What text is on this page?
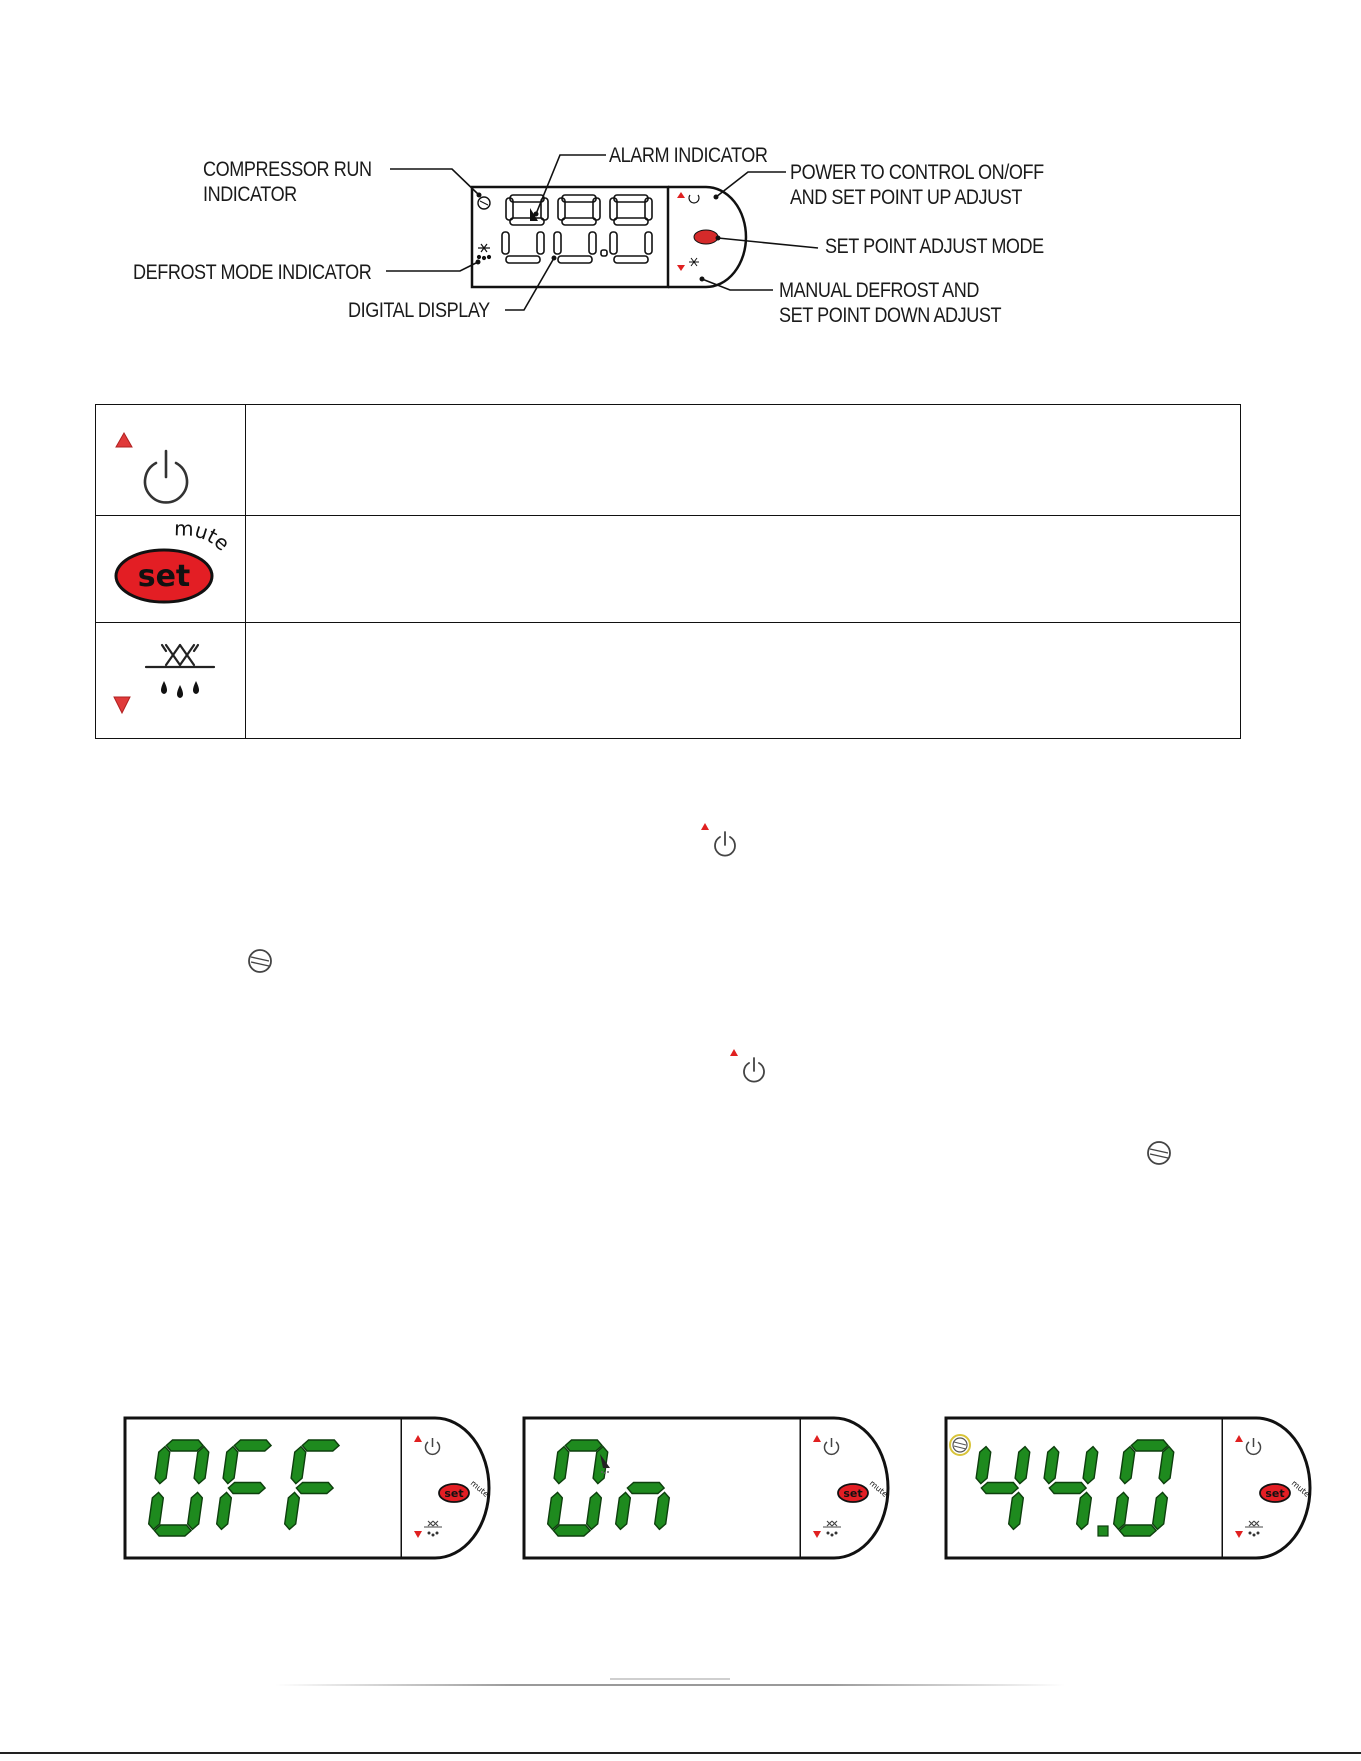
COMPRESSOR RUN
INDICATOR
DEFROST MODE INDICATOR
DIGITAL DISPLAY
ALARM INDICATOR
POWER TO CONTROL ON/OFF
AND SET POINT UP ADJUST
SET POINT ADJUST MODE
MANUAL DEFROST AND
SET POINT DOWN ADJUST
set
mute
set mute	set mute	set mute
